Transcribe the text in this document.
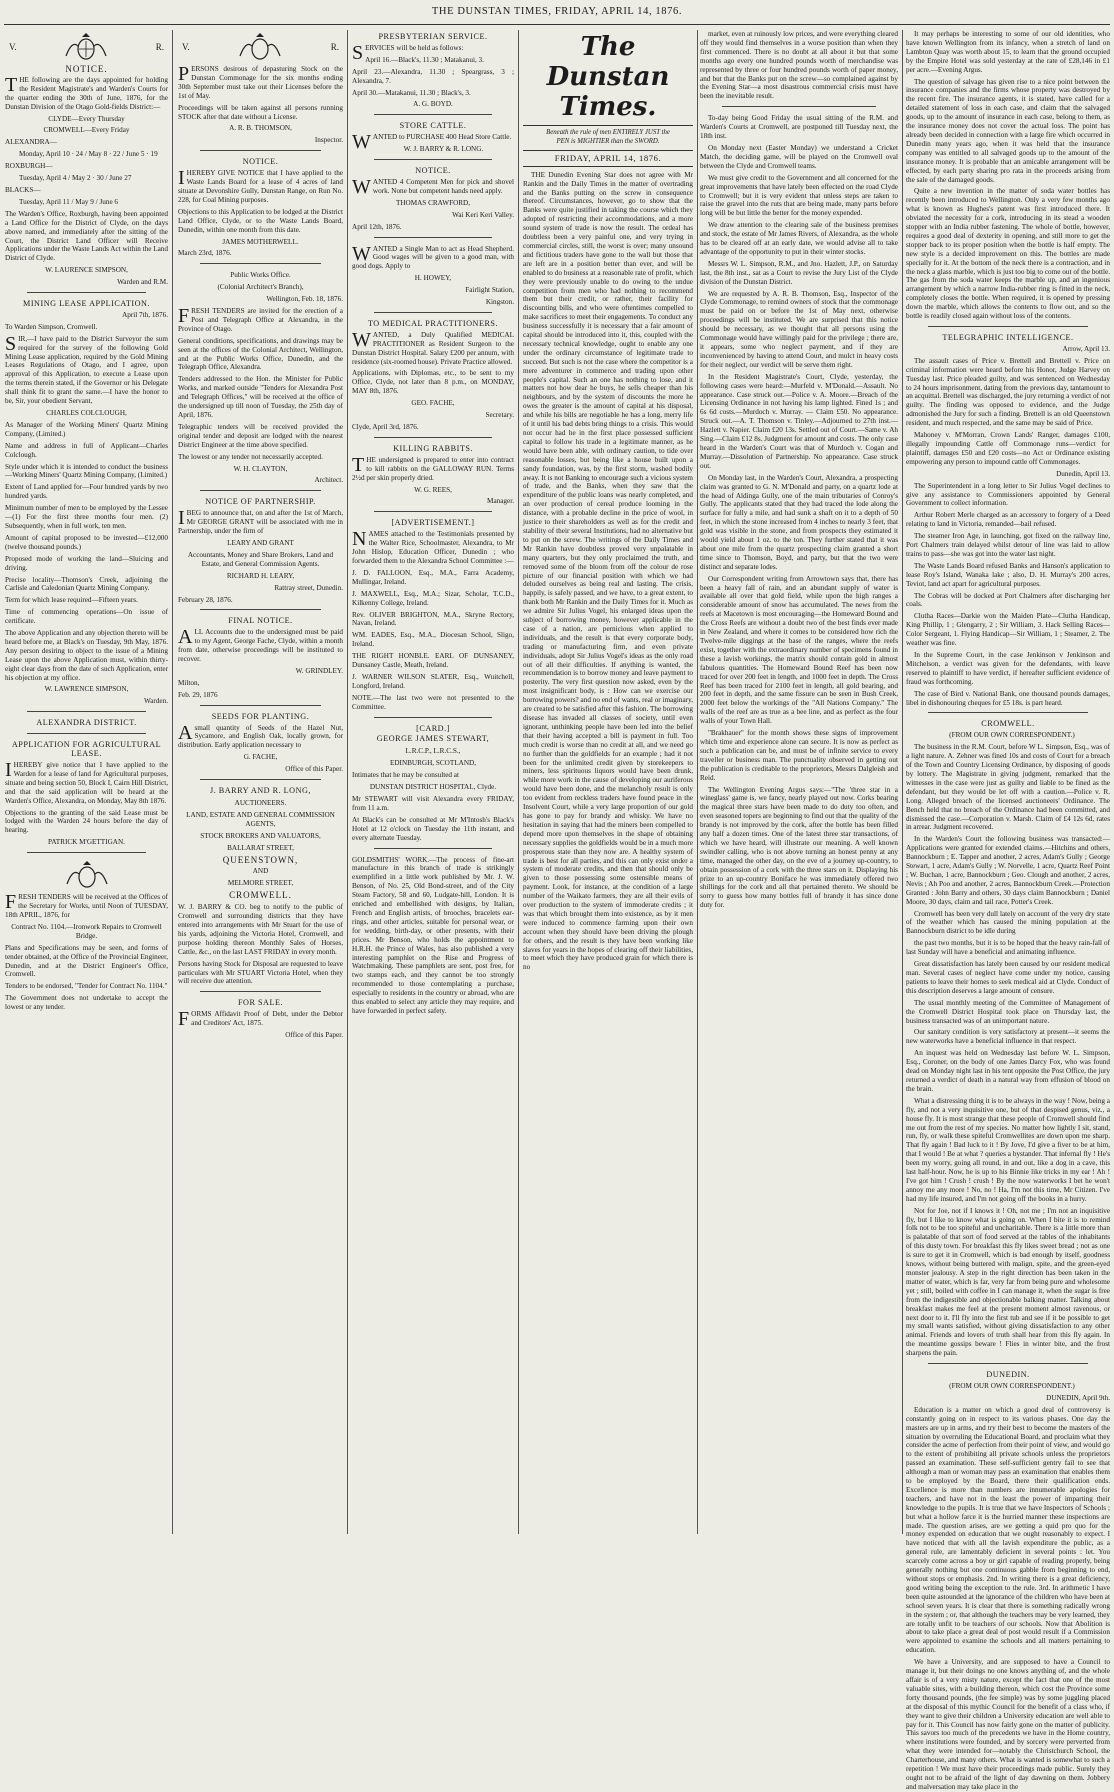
THE DUNSTAN TIMES, FRIDAY, APRIL 14, 1876.
V.	R.
NOTICE.

THE following are the days appointed for holding the Resident Magistrate's and Warden's Courts for the quarter ending the 30th of June, 1876, for the Dunstan Division of the Otago Gold-fields District:—

CLYDE—Every Thursday

CROMWELL—Every Friday

ALEXANDRA—

Monday, April 10 · 24 / May 8 · 22 / June 5 · 19

ROXBURGH—

Tuesday, April 4 / May 2 · 30 / June 27

BLACKS—

Tuesday, April 11 / May 9 / June 6

The Warden's Office, Roxburgh, having been appointed a Land Office for the District of Clyde, on the days above named, and immediately after the sitting of the Court, the District Land Officer will Receive Applications under the Waste Lands Act within the Land District of Clyde.

W. LAURENCE SIMPSON,

Warden and R.M.

MINING LEASE APPLICATION.

April 7th, 1876.

To Warden Simpson, Cromwell.

SIR,—I have paid to the District Surveyor the sum required for the survey of the following Gold Mining Lease application, required by the Gold Mining Leases Regulations of Otago, and I agree, upon approval of this Application, to execute a Lease upon the terms therein stated, if the Governor or his Delegate shall think fit to grant the same.—I have the honor to be, Sir, your obedient Servant,

CHARLES COLCLOUGH,

As Manager of the Working Miners' Quartz Mining Company, (Limited.)

Name and address in full of Applicant—Charles Colclough.

Style under which it is intended to conduct the business—Working Miners' Quartz Mining Company, (Limited.)

Extent of Land applied for—Four hundred yards by two hundred yards.

Minimum number of men to be employed by the Lessee—(1) For the first three months four men. (2) Subsequently, when in full work, ten men.

Amount of capital proposed to be invested—£12,000 (twelve thousand pounds.)

Proposed mode of working the land—Sluicing and driving.

Precise locality—Thomson's Creek, adjoining the Carlisle and Caledonian Quartz Mining Company.

Term for which lease required—Fifteen years.

Time of commencing operations—On issue of certificate.

The above Application and any objection thereto will be heard before me, at Black's on Tuesday, 9th May, 1876. Any person desiring to object to the issue of a Mining Lease upon the above Application must, within thirty-eight clear days from the date of such Application, enter his objection at my office.

W. LAWRENCE SIMPSON,

Warden.

ALEXANDRA DISTRICT.
APPLICATION FOR AGRICULTURAL LEASE.

IHEREBY give notice that I have applied to the Warden for a lease of land for Agricultural purposes, situate and being section 50, Block I, Cairn Hill District, and that the said application will be heard at the Warden's Office, Alexandra, on Monday, May 8th 1876.

Objections to the granting of the said Lease must be lodged with the Warden 24 hours before the day of hearing.

PATRICK M'GETTIGAN.

FRESH TENDERS will be received at the Offices of the Secretary for Works, until Noon of TUESDAY, 18th APRIL, 1876, for

Contract No. 1104.—Ironwork Repairs to Cromwell Bridge.

Plans and Specifications may be seen, and forms of tender obtained, at the Office of the Provincial Engineer, Dunedin, and at the District Engineer's Office, Cromwell.

Tenders to be endorsed, "Tender for Contract No. 1104."

The Government does not undertake to accept the lowest or any tender.

V.	R.

PERSONS desirous of depasturing Stock on the Dunstan Commonage for the six months ending 30th September must take out their Licenses before the 1st of May.

Proceedings will be taken against all persons running STOCK after that date without a License.

A. R. B. THOMSON,

Inspector.

NOTICE.

IHEREBY GIVE NOTICE that I have applied to the Waste Lands Board for a lease of 4 acres of land situate at Devonshire Gully, Dunstan Range, on Run No. 228, for Coal Mining purposes.

Objections to this Application to be lodged at the District Land Office, Clyde, or to the Waste Lands Board, Dunedin, within one month from this date.

JAMES MOTHERWELL.

March 23rd, 1876.

Public Works Office.

(Colonial Architect's Branch),

Wellington, Feb. 18, 1876.

FRESH TENDERS are invited for the erection of a Post and Telegraph Office at Alexandra, in the Province of Otago.

General conditions, specifications, and drawings may be seen at the offices of the Colonial Architect, Wellington, and at the Public Works Office, Dunedin, and the Telegraph Office, Alexandra.

Tenders addressed to the Hon. the Minister for Public Works, and marked outside "Tenders for Alexandra Post and Telegraph Offices," will be received at the office of the undersigned up till noon of Tuesday, the 25th day of April, 1876.

Telegraphic tenders will be received provided the original tender and deposit are lodged with the nearest District Engineer at the time above specified.

The lowest or any tender not necessarily accepted.

W. H. CLAYTON,

Architect.

NOTICE OF PARTNERSHIP.

IBEG to announce that, on and after the 1st of March, Mr GEORGE GRANT will be associated with me in Partnership, under the firm of

LEARY AND GRANT

Accountants, Money and Share Brokers, Land and Estate, and General Commission Agents.

RICHARD H. LEARY,

Rattray street, Dunedin.

February 28, 1876.

FINAL NOTICE.

ALL Accounts due to the undersigned must be paid to my Agent, George Fache, Clyde, within a month from date, otherwise proceedings will be instituted to recover.

W. GRINDLEY.

Milton,

Feb. 29, 1876

SEEDS FOR PLANTING.

Asmall quantity of Seeds of the Hazel Nut, Sycamore, and English Oak, locally grown, for distribution. Early application necessary to

G. FACHE,

Office of this Paper.

J. BARRY AND R. LONG,

AUCTIONEERS.

LAND, ESTATE AND GENERAL COMMISSION AGENTS,

STOCK BROKERS AND VALUATORS,

BALLARAT STREET,

QUEENSTOWN,

AND

MELMORE STREET,

CROMWELL.

W. J. BARRY & CO. beg to notify to the public of Cromwell and surrounding districts that they have entered into arrangements with Mr Stuart for the use of his yards, adjoining the Victoria Hotel, Cromwell, and purpose holding thereon Monthly Sales of Horses, Cattle, &c., on the last LAST FRIDAY in every month.

Persons having Stock for Disposal are requested to leave particulars with Mr STUART Victoria Hotel, when they will receive due attention.

FOR SALE.

FORMS Affidavit Proof of Debt, under the Debtor and Creditors' Act, 1875.

Office of this Paper.

PRESBYTERIAN SERVICE.

SERVICES will be held as follows:

April 16.—Black's, 11.30 ; Matakanui, 3.

April 23.—Alexandra, 11.30 ; Speargrass, 3 ; Alexandra, 7.

April 30.—Matakanui, 11.30 ; Black's, 3.

A. G. BOYD.

STORE CATTLE.

WANTED to PURCHASE 400 Head Store Cattle.

W. J. BARRY & R. LONG.

NOTICE.

WANTED 4 Competent Men for pick and shovel work. None but competent hands need apply.

THOMAS CRAWFORD,

Wai Keri Keri Valley.

April 12th, 1876.

WANTED a Single Man to act as Head Shepherd. Good wages will be given to a good man, with good dogs. Apply to

H. HOWEY,

Fairlight Station,

Kingston.

TO MEDICAL PRACTITIONERS.

WANTED, a Duly Qualified MEDICAL PRACTITIONER as Resident Surgeon to the Dunstan District Hospital. Salary £200 per annum, with residence (six-roomed house). Private Practice allowed.

Applications, with Diplomas, etc., to be sent to my Office, Clyde, not later than 8 p.m., on MONDAY, MAY 8th, 1876.

GEO. FACHE,

Secretary.

Clyde, April 3rd, 1876.

KILLING RABBITS.

THE undersigned is prepared to enter into contract to kill rabbits on the GALLOWAY RUN. Terms 2½d per skin properly dried.

W. G. REES,

Manager.

[ADVERTISEMENT.]

NAMES attached to the Testimonials presented by the Walter Rice, Schoolmaster, Alexandra, to Mr John Hislop, Education Officer, Dunedin ; who forwarded them to the Alexandra School Committee :—

J. D. FALLOON, Esq., M.A., Farra Academy, Mullingar, Ireland.

J. MAXWELL, Esq., M.A.; Sizar, Scholar, T.C.D., Kilkenny College, Ireland.

Rev. OLIVER BRIGHTON, M.A., Skryne Rectory, Navan, Ireland.

WM. EADES, Esq., M.A., Diocesan School, Sligo, Ireland.

THE RIGHT HONBLE. EARL OF DUNSANEY, Dunsaney Castle, Meath, Ireland.

J. WARNER WILSON SLATER, Esq., Wuitchell, Longford, Ireland.

NOTE.—The last two were not presented to the Committee.

[CARD.]

GEORGE JAMES STEWART,

L.R.C.P., L.R.C.S.,

EDINBURGH, SCOTLAND,

Intimates that he may be consulted at

DUNSTAN DISTRICT HOSPITAL, Clyde.

Mr STEWART will visit Alexandra every FRIDAY, from 11 a.m.

At Black's can be consulted at Mr M'Intosh's Black's Hotel at 12 o'clock on Tuesday the 11th instant, and every alternate Tuesday.

GOLDSMITHS' WORK.—The process of fine-art manufacture in this branch of trade is strikingly exemplified in a little work published by Mr. J. W. Benson, of No. 25, Old Bond-street, and of the City Steam Factory, 58 and 60, Ludgate-hill, London. It is enriched and embellished with designs, by Italian, French and English artists, of brooches, bracelets ear-rings, and other articles, suitable for personal wear, or for wedding, birth-day, or other presents, with their prices. Mr Benson, who holds the appointment to H.R.H. the Prince of Wales, has also published a very interesting pamphlet on the Rise and Progress of Watchmaking. These pamphlets are sent, post free, for two stamps each, and they cannot be too strongly recommended to those contemplating a purchase, especially to residents in the country or abroad, who are thus enabled to select any article they may require, and have forwarded in perfect safety.

The Dunstan Times.
Beneath the rule of men ENTIRELY JUST the
PEN is MIGHTIER than the SWORD.
FRIDAY, APRIL 14, 1876.

THE Dunedin Evening Star does not agree with Mr Rankin and the Daily Times in the matter of overtrading and the Banks putting on the screw in consequence thereof. Circumstances, however, go to show that the Banks were quite justified in taking the course which they adopted of restricting their accommodations, and a more sound system of trade is now the result. The ordeal has doubtless been a very painful one, and very trying in commercial circles, still, the worst is over; many unsound and fictitious traders have gone to the wall but those that are left are in a position better than ever, and will be enabled to do business at a reasonable rate of profit, which they were previously unable to do owing to the undue competition from men who had nothing to recommend them but their credit, or rather, their facility for discounting bills, and who were oftentimes compelled to make sacrifices to meet their engagements. To conduct any business successfully it is necessary that a fair amount of capital should be introduced into it, this, coupled with the necessary technical knowledge, ought to enable any one under the ordinary circumstance of legitimate trade to succeed. But such is not the case where the competitor is a mere adventurer in commerce and trading upon other people's capital. Such an one has nothing to lose, and it matters not how dear he buys, he sells cheaper than his neighbours, and by the system of discounts the more he owes the greater is the amount of capital at his disposal, and while his bills are negotiable he has a long, merry life of it until his bad debts bring things to a crisis. This would not occur had he in the first place possessed sufficient capital to follow his trade in a legitimate manner, as he would have been able, with ordinary caution, to tide over reasonable losses, but being like a house built upon a sandy foundation, was, by the first storm, washed bodily away. It is not Banking to encourage such a vicious system of trade, and the Banks, when they saw that the expenditure of the public loans was nearly completed, and an over production of cereal produce looming in the distance, with a probable decline in the price of wool, in justice to their shareholders as well as for the credit and stability of their several Institutions, had no alternative but to put on the screw. The writings of the Daily Times and Mr Rankin have doubtless proved very unpalatable in many quarters, but they only proclaimed the truth, and removed some of the bloom from off the colour de rose picture of our financial position with which we had deluded ourselves as being real and lasting. The crisis, happily, is safely passed, and we have, to a great extent, to thank both Mr Rankin and the Daily Times for it. Much as we admire Sir Julius Vogel, his enlarged ideas upon the subject of borrowing money, however applicable in the case of a nation, are pernicious when applied to individuals, and the result is that every corporate body, trading or manufacturing firm, and even private individuals, adopt Sir Julius Vogel's ideas as the only road out of all their difficulties. If anything is wanted, the recommendation is to borrow money and leave payment to posterity. The very first question now asked, even by the most insignificant body, is : How can we exercise our borrowing powers? and no end of wants, real or imaginary, are created to be satisfied after this fashion. The borrowing disease has invaded all classes of society, until even ignorant, unthinking people have been led into the belief that their having accepted a bill is payment in full. Too much credit is worse than no credit at all, and we need go no further than the goldfields for an example ; had it not been for the unlimited credit given by storekeepers to miners, less spirituous liquors would have been drunk, while more work in the cause of developing our auriferous would have been done, and the melancholy result is only too evident from reckless traders have found peace in the Insolvent Court, while a very large proportion of our gold has gone to pay for brandy and whisky. We have no hesitation in saying that had the miners been compelled to depend more upon themselves in the shape of obtaining necessary supplies the goldfields would be in a much more prosperous state than they now are. A healthy system of trade is best for all parties, and this can only exist under a system of moderate credits, and then that should only be given to those possessing some ostensible means of payment. Look, for instance, at the condition of a large number of the Waikato farmers, they are all their evils of over production to the system of immoderate credits ; it was that which brought them into existence, as by it men were induced to commence farming upon their own account when they should have been driving the plough for others, and the result is they have been working like slaves for years in the hopes of clearing off their liabilities, to meet which they have produced grain for which there is no

market, even at ruinously low prices, and were everything cleared off they would find themselves in a worse position than when they first commenced. There is no doubt at all about it but that some months ago every one hundred pounds worth of merchandise was represented by three or four hundred pounds worth of paper money, and but that the Banks put on the screw—so complained against by the Evening Star—a most disastrous commercial crisis must have been the inevitable result.

To-day being Good Friday the usual sitting of the R.M. and Warden's Courts at Cromwell, are postponed till Tuesday next, the 18th inst.

On Monday next (Easter Monday) we understand a Cricket Match, the deciding game, will be played on the Cromwell oval between the Clyde and Cromwell teams.

We must give credit to the Government and all concerned for the great improvements that have lately been effected on the road Clyde to Cromwell; but it is very evident that unless steps are taken to raise the gravel into the ruts that are being made, many parts before long will be but little the better for the money expended.

We draw attention to the clearing sale of the business premises and stock, the estate of Mr James Rivers, of Alexandra, as the whole has to be cleared off at an early date, we would advise all to take advantage of the opportunity to put in their winter stocks.

Messrs W. L. Simpson, R.M., and Jno. Hazlett, J.P., on Saturday last, the 8th inst., sat as a Court to revise the Jury List of the Clyde division of the Dunstan District.

We are requested by A. R. B. Thomson, Esq., Inspector of the Clyde Commonage, to remind owners of stock that the commonage must be paid on or before the 1st of May next, otherwise proceedings will be instituted. We are surprised that this notice should be necessary, as we thought that all persons using the Commonage would have willingly paid for the privilege ; there are, it appears, some who neglect payment, and if they are inconvenienced by having to attend Court, and mulct in heavy costs for their neglect, our verdict will be serve them right.

In the Resident Magistrate's Court, Clyde, yesterday, the following cases were heard:—Murfeld v. M'Donald.—Assault. No appearance. Case struck out.—Police v. A. Moore.—Breach of the Licensing Ordinance in not having his lamp lighted. Fined 1s ; and 6s 6d costs.—Murdoch v. Murray. — Claim £50. No appearance. Struck out.—A. T. Thomson v. Tinley.—Adjourned to 27th inst.—Hazlett v. Napier. Claim £20 13s. Settled out of Court.—Same v. Ah Sing.—Claim £12 8s. Judgment for amount and costs. The only case heard in the Warden's Court was that of Murdoch v. Cogan and Murray.—Dissolution of Partnership. No appearance. Case struck out.

On Monday last, in the Warden's Court, Alexandra, a prospecting claim was granted to G. N. M'Donald and party, on a quartz lode at the head of Aldinga Gully, one of the main tributaries of Conroy's Gully. The applicants stated that they had traced the lode along the surface for fully a mile, and had sunk a shaft on it to a depth of 50 feet, in which the stone increased from 4 inches to nearly 3 feet, that gold was visible in the stone, and from prospects they estimated it would yield about 1 oz. to the ton. They further stated that it was about one mile from the quartz prospecting claim granted a short time since to Thomson, Boyd, and party, but that the two were distinct and separate lodes.

Our Correspondent writing from Arrowtown says that, there has been a heavy fall of rain, and an abundant supply of water is available all over that gold field, while upon the high ranges a considerable amount of snow has accumulated. The news from the reefs at Macetown is most encouraging—the Homeward Bound and the Cross Reefs are without a doubt two of the best finds ever made in New Zealand, and where it comes to be considered how rich the Twelve-mile diggings at the base of the ranges, where the reefs exist, together with the extraordinary number of specimens found in these a lavish workings, the matrix should contain gold in almost fabulous quantities. The Homeward Bound Reef has been now traced for over 200 feet in length, and 1000 feet in depth. The Cross Reef has been traced for 2100 feet in length, all gold bearing, and 200 feet in depth, and the same fissure can be seen in Bush Creek, 2000 feet below the workings of the "All Nations Company." The walls of the reef are as true as a bee line, and as perfect as the four walls of your Town Hall.

"Brakhauer" for the month shows these signs of improvement which time and experience alone can secure. It is now as perfect as such a publication can be, and must be of infinite service to every traveller or business man. The punctuality observed in getting out the publication is creditable to the proprietors, Messrs Dalgleish and Reid.

The Wellington Evening Argus says:—"The 'three star in a wineglass' game is, we fancy, nearly played out now. Corks bearing the magical three stars have been made to do duty too often, and even seasoned topers are beginning to find out that the quality of the brandy is not improved by the cork, after the bottle has been filled any half a dozen times. One of the latest three star transactions, of which we have heard, will illustrate our meaning. A well known swindler calling, who is not above turning an honest penny at any time, managed the other day, on the eve of a journey up-country, to obtain possession of a cork with the three stars on it. Displaying his prize to an up-country Boniface he was immediately offered two shillings for the cork and all that pertained thereto. We should be sorry to guess how many bottles full of brandy it has since done duty for.

It may perhaps be interesting to some of our old identities, who have known Wellington from its infancy, when a stretch of land on Lambton Quay was worth about 15, to learn that the ground occupied by the Empire Hotel was sold yesterday at the rate of £28,146 in £1 per acre.—Evening Argus.

The question of salvage has given rise to a nice point between the insurance companies and the firms whose property was destroyed by the recent fire. The insurance agents, it is stated, have called for a detailed statement of loss in each case, and claim that the salvaged goods, up to the amount of insurance in each case, belong to them, as the insurance money does not cover the actual loss. The point has already been decided in connection with a large fire which occurred in Dunedin many years ago, when it was held that the insurance company was entitled to all salvaged goods up to the amount of the insurance money. It is probable that an amicable arrangement will be effected, by each party sharing pro rata in the proceeds arising from the sale of the damaged goods.

Quite a new invention in the matter of soda water bottles has recently been introduced to Wellington. Only a very few months ago what is known as Hughes's patent was first introduced there. It obviated the necessity for a cork, introducing in its stead a wooden stopper with an India rubber fastening. The whole of bottle, however, requires a good deal of dexterity in opening, and still more to get the stopper back to its proper position when the bottle is half empty. The new style is a decided improvement on this. The bottles are made specially for it. At the bottom of the neck there is a contraction, and in the neck a glass marble, which is just too big to come out of the bottle. The gas from the soda water keeps the marble up, and an ingenious arrangement by which a narrow India-rubber ring is fitted in the neck, completely closes the bottle. When required, it is opened by pressing down the marble, which allows the contents to flow out, and so the bottle is readily closed again without loss of the contents.

TELEGRAPHIC INTELLIGENCE.

Arrow, April 13.

The assault cases of Price v. Brettell and Brettell v. Price on criminal information were heard before his Honor, Judge Harvey on Tuesday last. Price pleaded guilty, and was sentenced on Wednesday to 24 hours imprisonment, dating from the previous day, tantamount to an acquittal. Brettell was discharged, the jury returning a verdict of not guilty. The finding was opposed to evidence, and the Judge admonished the Jury for such a finding. Brettell is an old Queenstown resident, and much respected, and the same may be said of Price.

Mahoney v. M'Morran, Crown Lands' Ranger, damages £100, illegally impounding Cattle off Commonage runs—verdict for plaintiff, damages £50 and £20 costs—no Act or Ordinance existing empowering any person to impound cattle off Commonages.

Dunedin, April 13.

The Superintendent in a long letter to Sir Julius Vogel declines to give any assistance to Commissioners appointed by General Government to collect information.

Arthur Robert Merle charged as an accessory to forgery of a Deed relating to land in Victoria, remanded—bail refused.

The steamer Iron Age, in launching, got fixed on the railway line, Port Chalmers train delayed whilst detour of line was laid to allow trains to pass—she was got into the water last night.

The Waste Lands Board refused Banks and Hanson's application to lease Roy's Island, Wanaka lake ; also, D. H. Murray's 200 acres, Teviot, land act apart for agricultural purposes.

The Cobras will be docked at Port Chalmers after discharging her coals.

Clutha Races—Darkie won the Maiden Plate—Clutha Handicap, King Phillip, 1 ; Glengarry, 2 ; Sir William, 3. Hack Selling Races—Color Sergeant, 1. Flying Handicap—Sir William, 1 ; Steamer, 2. The weather was fine.

In the Supreme Court, in the case Jenkinson v Jenkinson and Mitchelson, a verdict was given for the defendants, with leave reserved to plaintiff to have verdict, if hereafter sufficient evidence of fraud was forthcoming.

The case of Bird v. National Bank, one thousand pounds damages, libel in dishonouring cheques for £5 18s. is part heard.

CROMWELL.

(FROM OUR OWN CORRESPONDENT.)

The business in the R.M. Court, before W L. Simpson, Esq., was of a light nature. A. Zehner was fined 10s and costs of Court for a breach of the Town and Country Licensing Ordinance, by disposing of goods by lottery. The Magistrate in giving judgment, remarked that the witnesses in the case were just as guilty and liable to be fined as the defendant, but they would be let off with a caution.—Police v. R. Long. Alleged breach of the licensed auctioneers' Ordinance. The Bench held that no breach of the Ordinance had been committed, and dismissed the case.—Corporation v. Marsh. Claim of £4 12s 6d, rates in arrear. Judgment recovered.

In the Warden's Court the following business was transacted:—Applications were granted for extended claims.—Hitchins and others, Bannockburn ; E. Tapper and another, 2 acres, Adam's Gully ; George Stewart, 1 acre, Adam's Gully ; W. Norvelle, 1 acre, Quartz Reef Point ; W. Buchan, 1 acre, Bannockburn ; Geo. Clough and another, 2 acres, Nevis ; Ah Poo and another, 2 acres, Bannockburn Creek.—Protection Granted : John Barry and others, 30 days claim Bannockburn ; Daniel Moore, 30 days, claim and tail race, Potter's Creek.

Cromwell has been very dull lately on account of the very dry state of the weather which has caused the mining population at the Bannockburn district to be idle during

the past two months, but it is to be hoped that the heavy rain-fall of last Sunday will have a beneficial and animating influence.

Great dissatisfaction has lately been caused by our resident medical man. Several cases of neglect have come under my notice, causing patients to leave their homes to seek medical aid at Clyde. Conduct of this description deserves a large amount of censure.

The usual monthly meeting of the Committee of Management of the Cromwell District Hospital took place on Thursday last, the business transacted was of an unimportant nature.

Our sanitary condition is very satisfactory at present—it seems the new waterworks have a beneficial influence in that respect.

An inquest was held on Wednesday last before W. L. Simpson, Esq., Coroner, on the body of one James Darcy Fox, who was found dead on Monday night last in his tent opposite the Post Office, the jury returned a verdict of death in a natural way from effusion of blood on the brain.

What a distressing thing it is to be always in the way ! Now, being a fly, and not a very inquisitive one, but of that despised genus, viz., a house fly. It is most strange that these people of Cromwell should find me out from the rest of my species. No matter how lightly I sit, stand, run, fly, or walk these spiteful Cromwellites are down upon me sharp. That fly again ! Bad luck to it ! By Jove, I'd give a fiver to be at him, that I would ! Be at what ? queries a bystander. That infernal fly ! He's been my worry, going all round, in and out, like a dog in a cave, this last half-hour. Now, he is up to his Binnie like tricks in my ear ! Ah ! I've got him ! Crush ! crush ! By the now waterworks I bet he won't annoy me any more ! No, no ! Ha, I'm not this time, Mr Citizen. I've had my life insured, and I'm not going off the books in a hurry.

Not for Joe, not if I knows it ! Oh, not me ; I'm not an inquisitive fly, but I like to know what is going on. When I bite it is to remind folk not to be too spiteful and uncharitable. There is a little more than is palatable of that sort of food served at the tables of the inhabitants of this dusty town. For breakfast this fly likes sweet bread ; not as one is sure to get it in Cromwell, which is bad enough by itself, goodness knows, without being buttered with malign, spite, and the green-eyed monster jealousy. A step in the right direction has been taken in the matter of water, which is far, very far from being pure and wholesome yet ; still, boiled with coffee in I can manage it, when the sugar is free from the indigestible and objectionable balking matter. Talking about breakfast makes me feel at the present moment almost ravenous, or next door to it. I'll fly into the first tub and see if it be possible to get my small wants satisfied, without giving dissatisfaction to any other animal. Friends and lovers of truth shall hear from this fly again. In the meantime gossips beware ! Flies in winter bite, and the frost sharpens the pain.

DUNEDIN.

(FROM OUR OWN CORRESPONDENT.)

DUNEDIN, April 9th.

Education is a matter on which a good deal of controversy is constantly going on in respect to its various phases. One day the masters are up in arms, and try their best to become the masters of the situation by overruling the Educational Board, and proclaim what they consider the acme of perfection from their point of view, and would go to the extent of prohibiting all private schools unless the proprietors passed an examination. These self-sufficient gentry fail to see that although a man or woman may pass an examination that enables them to be employed by the Board, there their qualification ends. Excellence is more than numbers are innumerable apologies for teachers, and have not in the least the power of imparting their knowledge to the pupils. It is true that we have Inspectors of Schools ; but what a hollow farce it is the hurried manner these inspections are made. The question arises, are we getting a quid pro quo for the money expended on education that we ought reasonably to expect. I have noticed that with all the lavish expenditure the public, as a general rule, are lamentably deficient in several points : let. You scarcely come across a boy or girl capable of reading properly, being generally nothing but one continuous gabble from beginning to end, without stops or emphasis. 2nd. In writing there is a great deficiency, good writing being the exception to the rule. 3rd. In arithmetic I have been quite astounded at the ignorance of the children who have been at school seven years. It is clear that there is something radically wrong in the system ; or, that although the teachers may be very learned, they are totally unfit to be teachers of our schools. Now that Abolition is about to take place a great deal of post would result if a Commission were appointed to examine the schools and all matters pertaining to education.

We have a University, and are supposed to have a Council to manage it, but their doings no one knows anything of, and the whole affair is of a very misty nature, except the fact that one of the most valuable sites, with a building thereon, which cost the Province some forty thousand pounds, (the fee simple) was by some juggling placed at the disposal of this mythic Council for the benefit of a class who, if they want to give their children a University education are well able to pay for it. This Council has now fairly gone on the matter of publicity. This savors too much of the precedents we have in the Home country, where institutions were founded, and by sorcery were perverted from what they were intended for—notably the Christchurch School, the Charterhouse, and many others. What is wanted is somewhat to such a repetition ! We must have their proceedings made public. Surely they ought not to be afraid of the light of day dawning on them. Jobbery and malversation may take place in the
